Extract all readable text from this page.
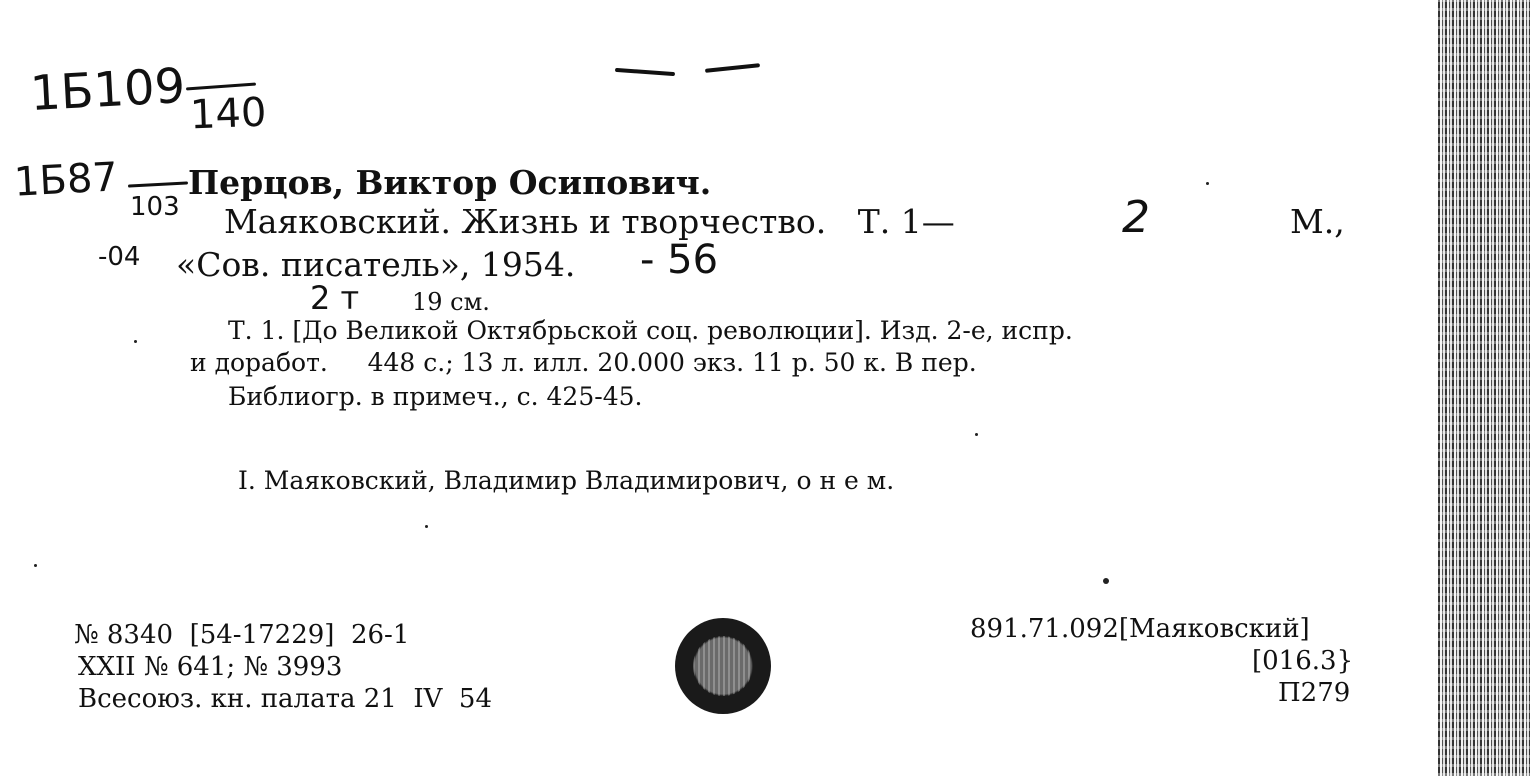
1Б109 140
1Б87
103
-04
Перцов, Виктор Осипович.
Маяковский. Жизнь и творчество.   Т. 1—	2	М.,
«Сов. писатель», 1954. - 56
2 т 19 см.
Т. 1. [До Великой Октябрьской соц. революции]. Изд. 2-е, испр.
и доработ.     448 с.; 13 л. илл. 20.000 экз. 11 р. 50 к. В пер.
Библиогр. в примеч., с. 425-45.
I. Маяковский, Владимир Владимирович, о н е м.
№ 8340  [54-17229]  26-1
XXII № 641; № 3993
Всесоюз. кн. палата 21  IV  54
891.71.092[Маяковский]
[016.3}
П279
